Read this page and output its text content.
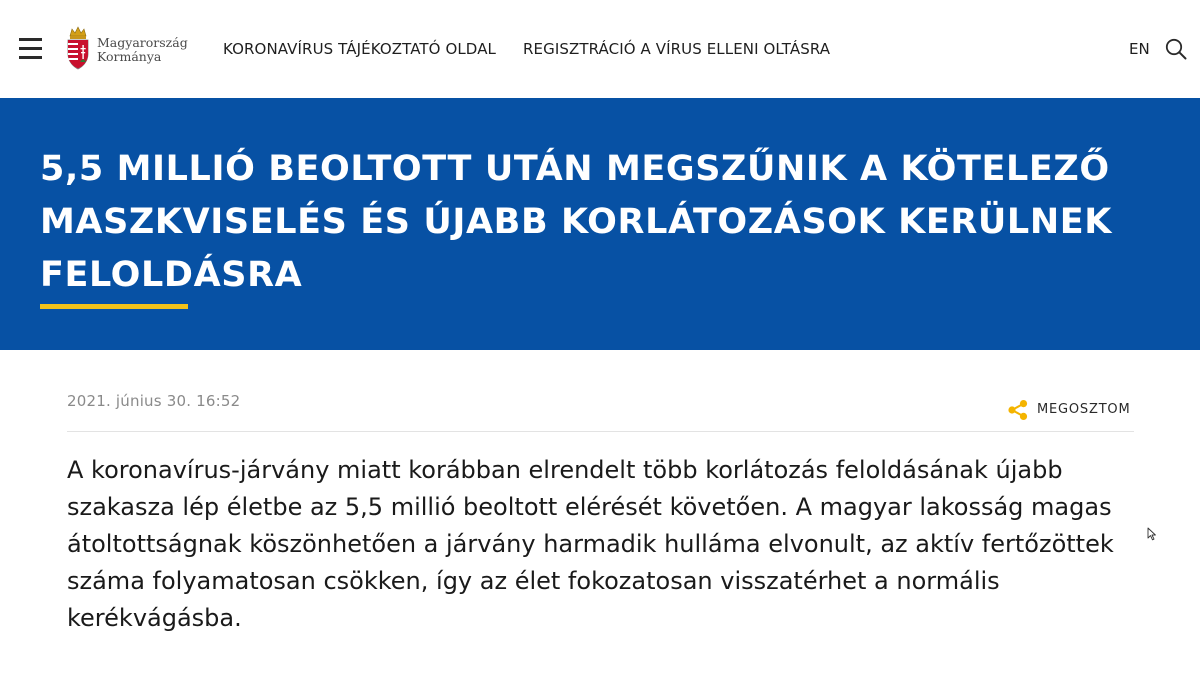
Magyarország
Kormánya	KORONAVÍRUS TÁJÉKOZTATÓ OLDAL REGISZTRÁCIÓ A VÍRUS ELLENI OLTÁSRA	EN
5,5 MILLIÓ BEOLTOTT UTÁN MEGSZŰNIK A KÖTELEZŐ MASZKVISELÉS ÉS ÚJABB KORLÁTOZÁSOK KERÜLNEK FELOLDÁSRA
2021. június 30. 16:52	MEGOSZTOM

A koronavírus-járvány miatt korábban elrendelt több korlátozás feloldásának újabb szakasza lép életbe az 5,5 millió beoltott elérését követően. A magyar lakosság magas átoltottságnak köszönhetően a járvány harmadik hulláma elvonult, az aktív fertőzöttek száma folyamatosan csökken, így az élet fokozatosan visszatérhet a normális kerékvágásba.
